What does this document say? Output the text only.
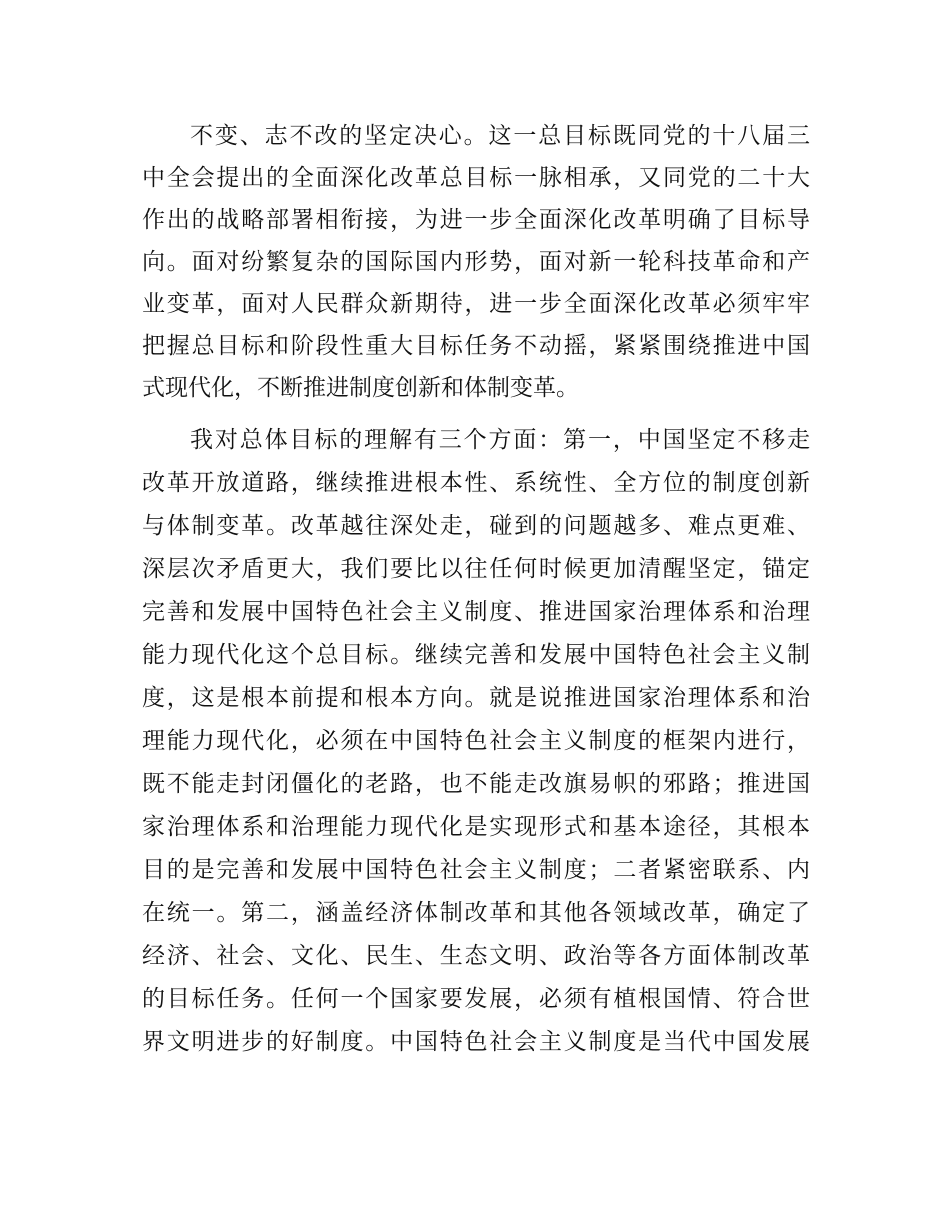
不变、志不改的坚定决心。这一总目标既同党的十八届三
中全会提出的全面深化改革总目标一脉相承，又同党的二十大
作出的战略部署相衔接，为进一步全面深化改革明确了目标导
向。面对纷繁复杂的国际国内形势，面对新一轮科技革命和产
业变革，面对人民群众新期待，进一步全面深化改革必须牢牢
把握总目标和阶段性重大目标任务不动摇，紧紧围绕推进中国
式现代化，不断推进制度创新和体制变革。
我对总体目标的理解有三个方面：第一，中国坚定不移走
改革开放道路，继续推进根本性、系统性、全方位的制度创新
与体制变革。改革越往深处走，碰到的问题越多、难点更难、
深层次矛盾更大，我们要比以往任何时候更加清醒坚定，锚定
完善和发展中国特色社会主义制度、推进国家治理体系和治理
能力现代化这个总目标。继续完善和发展中国特色社会主义制
度，这是根本前提和根本方向。就是说推进国家治理体系和治
理能力现代化，必须在中国特色社会主义制度的框架内进行，
既不能走封闭僵化的老路，也不能走改旗易帜的邪路；推进国
家治理体系和治理能力现代化是实现形式和基本途径，其根本
目的是完善和发展中国特色社会主义制度；二者紧密联系、内
在统一。第二，涵盖经济体制改革和其他各领域改革，确定了
经济、社会、文化、民生、生态文明、政治等各方面体制改革
的目标任务。任何一个国家要发展，必须有植根国情、符合世
界文明进步的好制度。中国特色社会主义制度是当代中国发展
